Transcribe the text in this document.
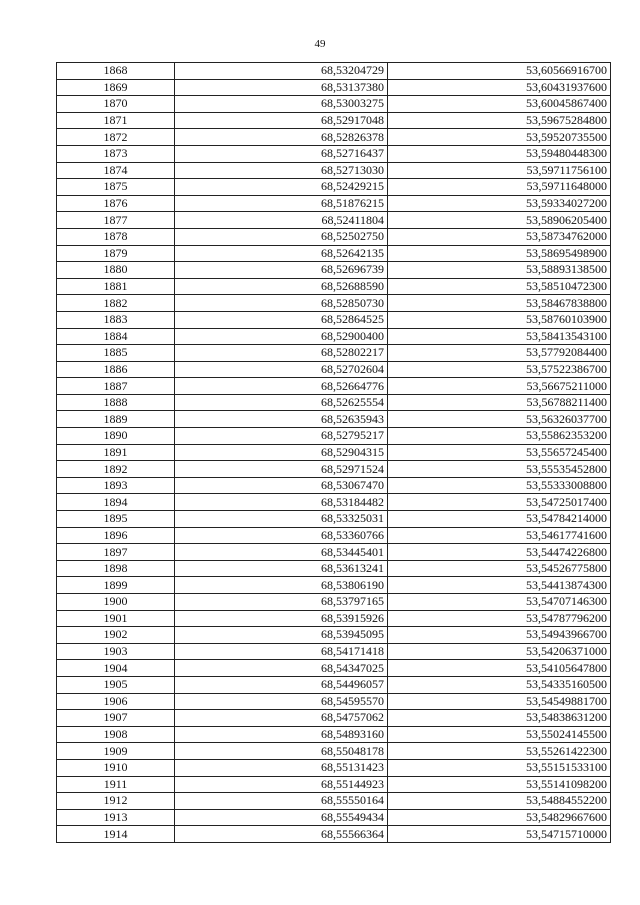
49
1868	68,53204729	53,60566916700
1869	68,53137380	53,60431937600
1870	68,53003275	53,60045867400
1871	68,52917048	53,59675284800
1872	68,52826378	53,59520735500
1873	68,52716437	53,59480448300
1874	68,52713030	53,59711756100
1875	68,52429215	53,59711648000
1876	68,51876215	53,59334027200
1877	68,52411804	53,58906205400
1878	68,52502750	53,58734762000
1879	68,52642135	53,58695498900
1880	68,52696739	53,58893138500
1881	68,52688590	53,58510472300
1882	68,52850730	53,58467838800
1883	68,52864525	53,58760103900
1884	68,52900400	53,58413543100
1885	68,52802217	53,57792084400
1886	68,52702604	53,57522386700
1887	68,52664776	53,56675211000
1888	68,52625554	53,56788211400
1889	68,52635943	53,56326037700
1890	68,52795217	53,55862353200
1891	68,52904315	53,55657245400
1892	68,52971524	53,55535452800
1893	68,53067470	53,55333008800
1894	68,53184482	53,54725017400
1895	68,53325031	53,54784214000
1896	68,53360766	53,54617741600
1897	68,53445401	53,54474226800
1898	68,53613241	53,54526775800
1899	68,53806190	53,54413874300
1900	68,53797165	53,54707146300
1901	68,53915926	53,54787796200
1902	68,53945095	53,54943966700
1903	68,54171418	53,54206371000
1904	68,54347025	53,54105647800
1905	68,54496057	53,54335160500
1906	68,54595570	53,54549881700
1907	68,54757062	53,54838631200
1908	68,54893160	53,55024145500
1909	68,55048178	53,55261422300
1910	68,55131423	53,55151533100
1911	68,55144923	53,55141098200
1912	68,55550164	53,54884552200
1913	68,55549434	53,54829667600
1914	68,55566364	53,54715710000
